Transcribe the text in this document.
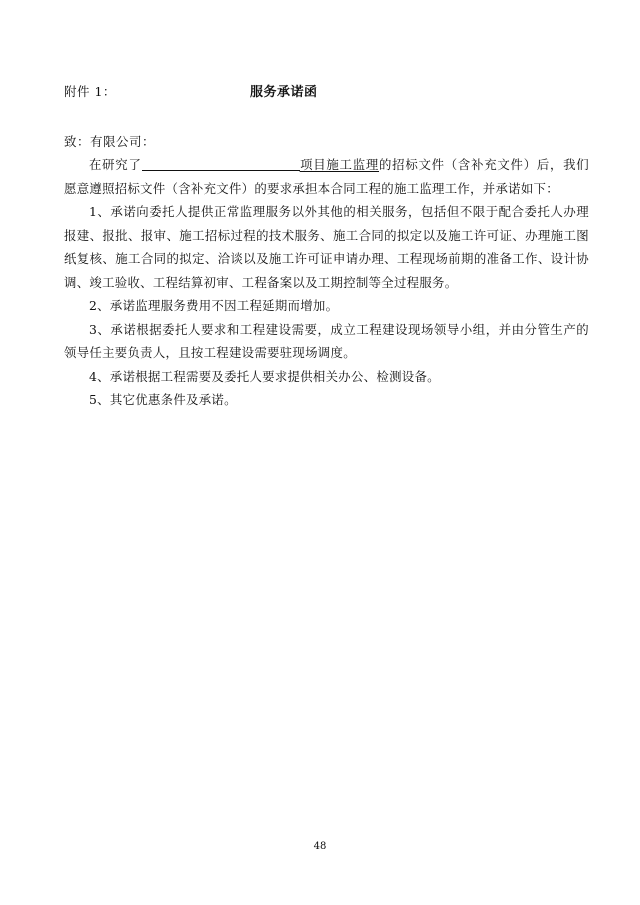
附件 1：	服务承诺函
致：有限公司：

在研究了	项目施工监理的招标文件（含补充文件）后，我们愿意遵照招标文件（含补充文件）的要求承担本合同工程的施工监理工作，并承诺如下：

1、承诺向委托人提供正常监理服务以外其他的相关服务，包括但不限于配合委托人办理报建、报批、报审、施工招标过程的技术服务、施工合同的拟定以及施工许可证、办理施工图纸复核、施工合同的拟定、洽谈以及施工许可证申请办理、工程现场前期的准备工作、设计协调、竣工验收、工程结算初审、工程备案以及工期控制等全过程服务。

2、承诺监理服务费用不因工程延期而增加。

3、承诺根据委托人要求和工程建设需要，成立工程建设现场领导小组，并由分管生产的领导任主要负责人，且按工程建设需要驻现场调度。

4、承诺根据工程需要及委托人要求提供相关办公、检测设备。

5、其它优惠条件及承诺。

48
